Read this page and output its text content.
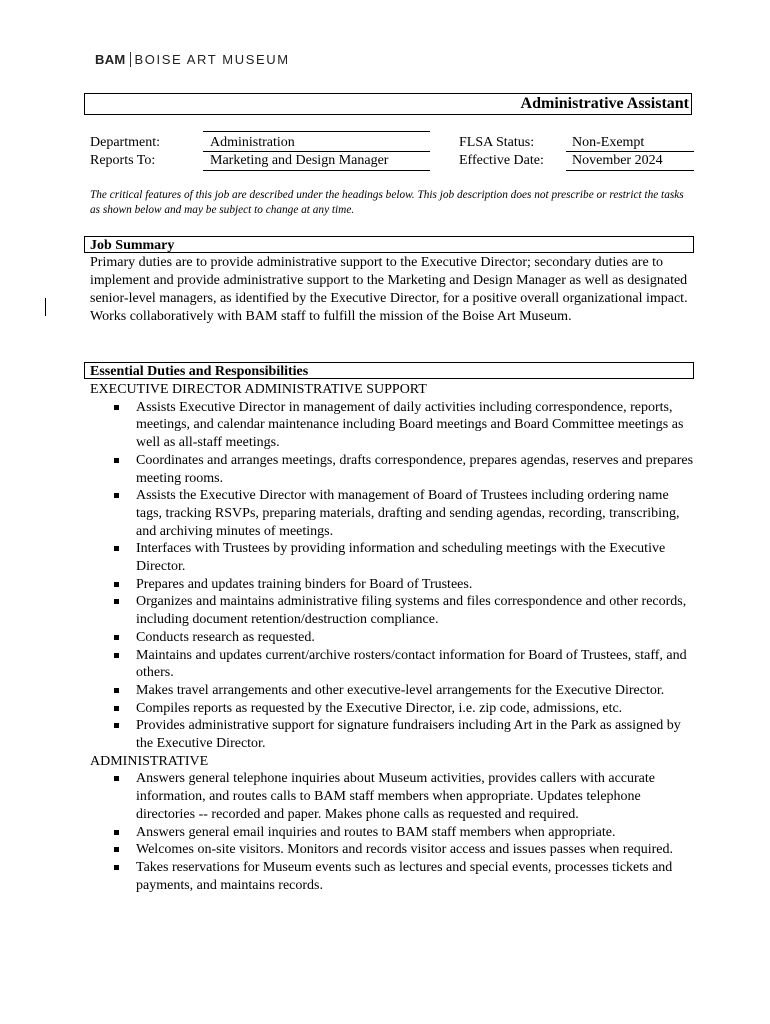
BAM BOISE ART MUSEUM
Administrative Assistant
Department:	Administration
Reports To:	Marketing and Design Manager
FLSA Status:	Non-Exempt
Effective Date: November 2024
The critical features of this job are described under the headings below. This job description does not prescribe or restrict the tasks as shown below and may be subject to change at any time.
Job Summary
Primary duties are to provide administrative support to the Executive Director; secondary duties are to implement and provide administrative support to the Marketing and Design Manager as well as designated senior-level managers, as identified by the Executive Director, for a positive overall organizational impact. Works collaboratively with BAM staff to fulfill the mission of the Boise Art Museum.
Essential Duties and Responsibilities

EXECUTIVE DIRECTOR ADMINISTRATIVE SUPPORT

Assists Executive Director in management of daily activities including correspondence, reports, meetings, and calendar maintenance including Board meetings and Board Committee meetings as well as all-staff meetings.
Coordinates and arranges meetings, drafts correspondence, prepares agendas, reserves and prepares meeting rooms.
Assists the Executive Director with management of Board of Trustees including ordering name tags, tracking RSVPs, preparing materials, drafting and sending agendas, recording, transcribing, and archiving minutes of meetings.
Interfaces with Trustees by providing information and scheduling meetings with the Executive Director.
Prepares and updates training binders for Board of Trustees.
Organizes and maintains administrative filing systems and files correspondence and other records, including document retention/destruction compliance.
Conducts research as requested.
Maintains and updates current/archive rosters/contact information for Board of Trustees, staff, and others.
Makes travel arrangements and other executive-level arrangements for the Executive Director.
Compiles reports as requested by the Executive Director, i.e. zip code, admissions, etc.
Provides administrative support for signature fundraisers including Art in the Park as assigned by the Executive Director.

ADMINISTRATIVE

Answers general telephone inquiries about Museum activities, provides callers with accurate information, and routes calls to BAM staff members when appropriate. Updates telephone directories -- recorded and paper. Makes phone calls as requested and required.
Answers general email inquiries and routes to BAM staff members when appropriate.
Welcomes on-site visitors. Monitors and records visitor access and issues passes when required.
Takes reservations for Museum events such as lectures and special events, processes tickets and payments, and maintains records.
